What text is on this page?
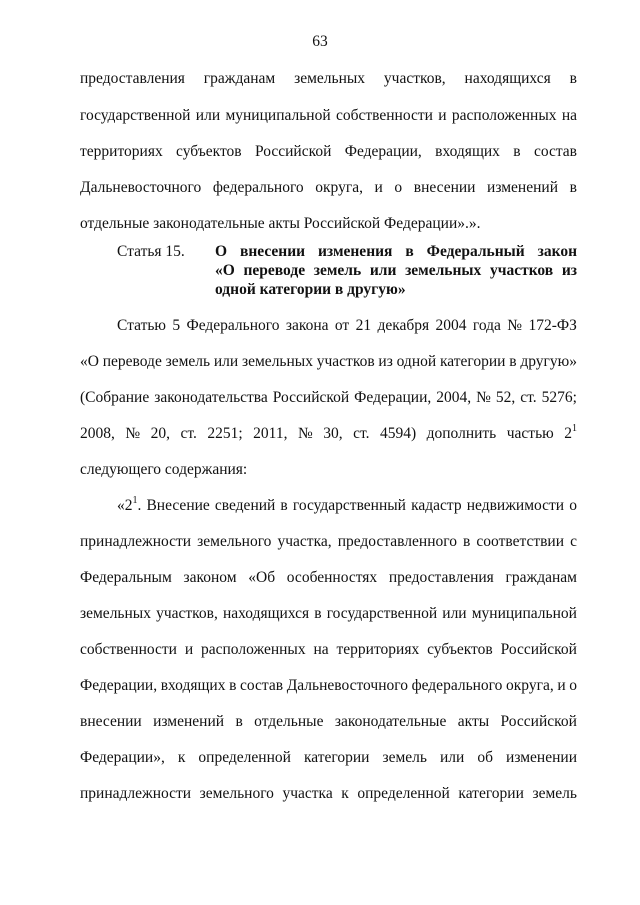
63
предоставления гражданам земельных участков, находящихся в
государственной или муниципальной собственности и расположенных на
территориях субъектов Российской Федерации, входящих в состав
Дальневосточного федерального округа, и о внесении изменений в
отдельные законодательные акты Российской Федерации».».
Статья 15. О внесении изменения в Федеральный закон
«О переводе земель или земельных участков из
одной категории в другую»
Статью 5 Федерального закона от 21 декабря 2004 года № 172-ФЗ
«О переводе земель или земельных участков из одной категории в другую»
(Собрание законодательства Российской Федерации, 2004, № 52, ст. 5276;
2008, № 20, ст. 2251; 2011, № 30, ст. 4594) дополнить частью $2^1$
следующего содержания:
«$2^1$. Внесение сведений в государственный кадастр недвижимости о
принадлежности земельного участка, предоставленного в соответствии с
Федеральным законом «Об особенностях предоставления гражданам
земельных участков, находящихся в государственной или муниципальной
собственности и расположенных на территориях субъектов Российской
Федерации, входящих в состав Дальневосточного федерального округа, и о
внесении изменений в отдельные законодательные акты Российской
Федерации», к определенной категории земель или об изменении
принадлежности земельного участка к определенной категории земель
